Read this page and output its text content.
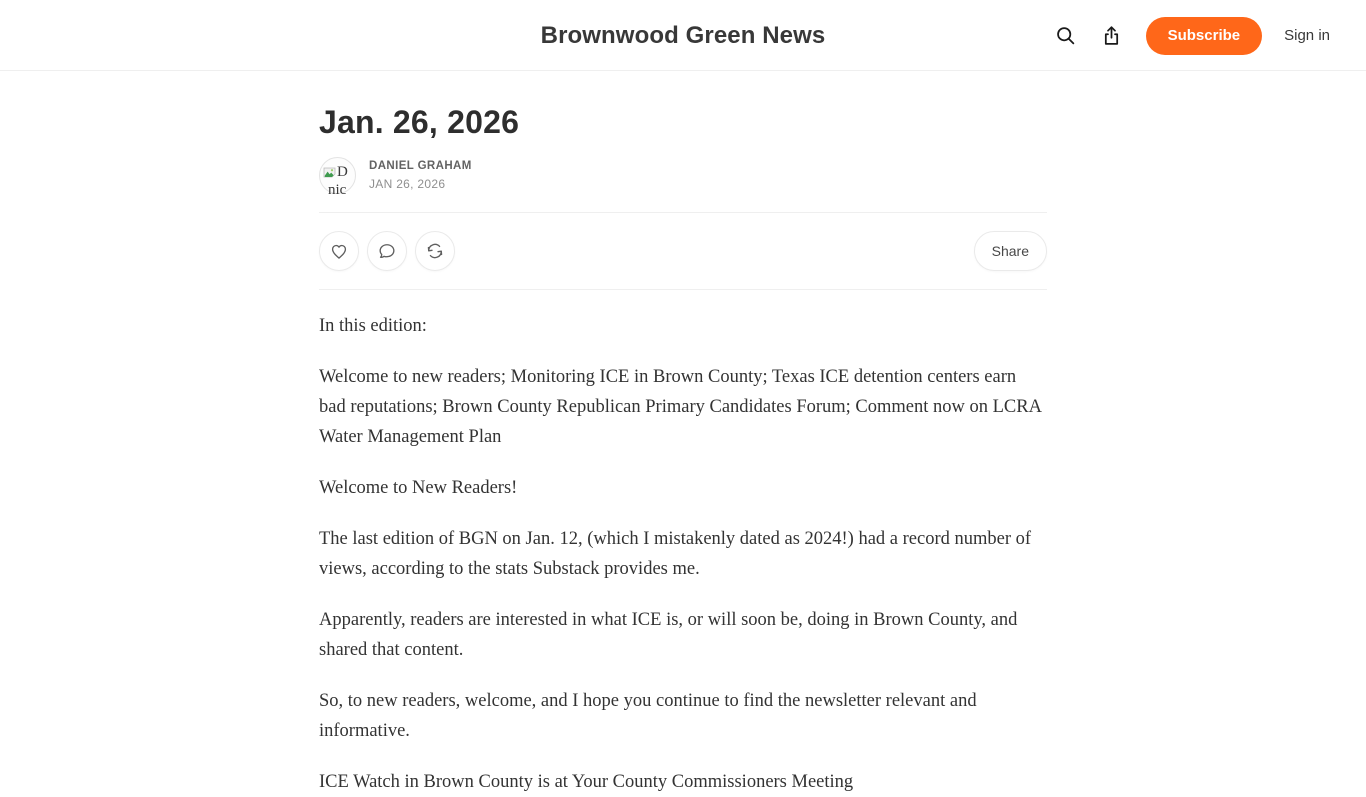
Brownwood Green News	Subscribe	Sign in
Jan. 26, 2026
D
nic
DANIEL GRAHAM
JAN 26, 2026
Share

In this edition:

Welcome to new readers; Monitoring ICE in Brown County; Texas ICE detention centers earn bad reputations; Brown County Republican Primary Candidates Forum; Comment now on LCRA Water Management Plan

Welcome to New Readers!

The last edition of BGN on Jan. 12, (which I mistakenly dated as 2024!) had a record number of views, according to the stats Substack provides me.

Apparently, readers are interested in what ICE is, or will soon be, doing in Brown County, and shared that content.

So, to new readers, welcome, and I hope you continue to find the newsletter relevant and informative.

ICE Watch in Brown County is at Your County Commissioners Meeting
